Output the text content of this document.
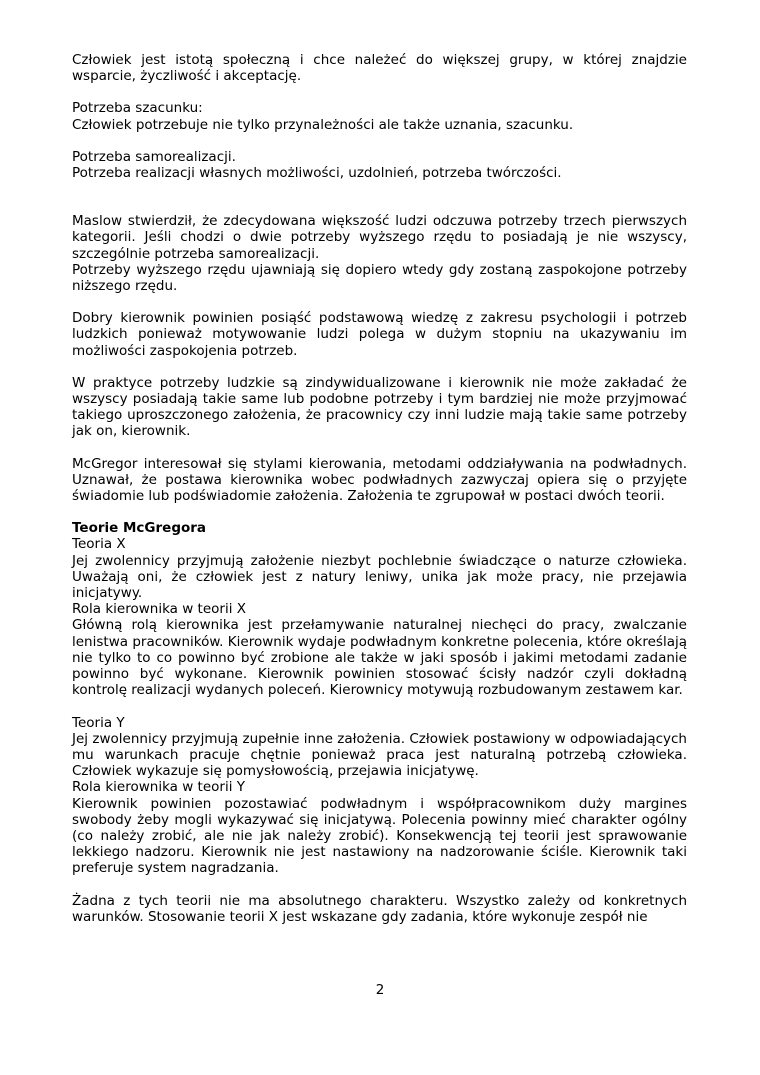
Człowiek jest istotą społeczną i chce należeć do większej grupy, w której znajdzie wsparcie, życzliwość i akceptację.

Potrzeba szacunku:

Człowiek potrzebuje nie tylko przynależności ale także uznania, szacunku.

Potrzeba samorealizacji.

Potrzeba realizacji własnych możliwości, uzdolnień, potrzeba twórczości.

Maslow stwierdził, że zdecydowana większość ludzi odczuwa potrzeby trzech pierwszych kategorii. Jeśli chodzi o dwie potrzeby wyższego rzędu to posiadają je nie wszyscy, szczególnie potrzeba samorealizacji.

Potrzeby wyższego rzędu ujawniają się dopiero wtedy gdy zostaną zaspokojone potrzeby niższego rzędu.

Dobry kierownik powinien posiąść podstawową wiedzę z zakresu psychologii i potrzeb ludzkich ponieważ motywowanie ludzi polega w dużym stopniu na ukazywaniu im możliwości zaspokojenia potrzeb.

W praktyce potrzeby ludzkie są zindywidualizowane i kierownik nie może zakładać że wszyscy posiadają takie same lub podobne potrzeby i tym bardziej nie może przyjmować takiego uproszczonego założenia, że pracownicy czy inni ludzie mają takie same potrzeby jak on, kierownik.

McGregor interesował się stylami kierowania, metodami oddziaływania na podwładnych. Uznawał, że postawa kierownika wobec podwładnych zazwyczaj opiera się o przyjęte świadomie lub podświadomie założenia. Założenia te zgrupował w postaci dwóch teorii.

Teorie McGregora

Teoria X

Jej zwolennicy przyjmują założenie niezbyt pochlebnie świadczące o naturze człowieka. Uważają oni, że człowiek jest z natury leniwy, unika jak może pracy, nie przejawia inicjatywy.

Rola kierownika w teorii X

Główną rolą kierownika jest przełamywanie naturalnej niechęci do pracy, zwalczanie lenistwa pracowników. Kierownik wydaje podwładnym konkretne polecenia, które określają nie tylko to co powinno być zrobione ale także w jaki sposób i jakimi metodami zadanie powinno być wykonane. Kierownik powinien stosować ścisły nadzór czyli dokładną kontrolę realizacji wydanych poleceń. Kierownicy motywują rozbudowanym zestawem kar.

Teoria Y

Jej zwolennicy przyjmują zupełnie inne założenia. Człowiek postawiony w odpowiadających mu warunkach pracuje chętnie ponieważ praca jest naturalną potrzebą człowieka. Człowiek wykazuje się pomysłowością, przejawia inicjatywę.

Rola kierownika w teorii Y

Kierownik powinien pozostawiać podwładnym i współpracownikom duży margines swobody żeby mogli wykazywać się inicjatywą. Polecenia powinny mieć charakter ogólny (co należy zrobić, ale nie jak należy zrobić). Konsekwencją tej teorii jest sprawowanie lekkiego nadzoru. Kierownik nie jest nastawiony na nadzorowanie ściśle. Kierownik taki preferuje system nagradzania.

Żadna z tych teorii nie ma absolutnego charakteru. Wszystko zależy od konkretnych warunków. Stosowanie teorii X jest wskazane gdy zadania, które wykonuje zespół nie

2
